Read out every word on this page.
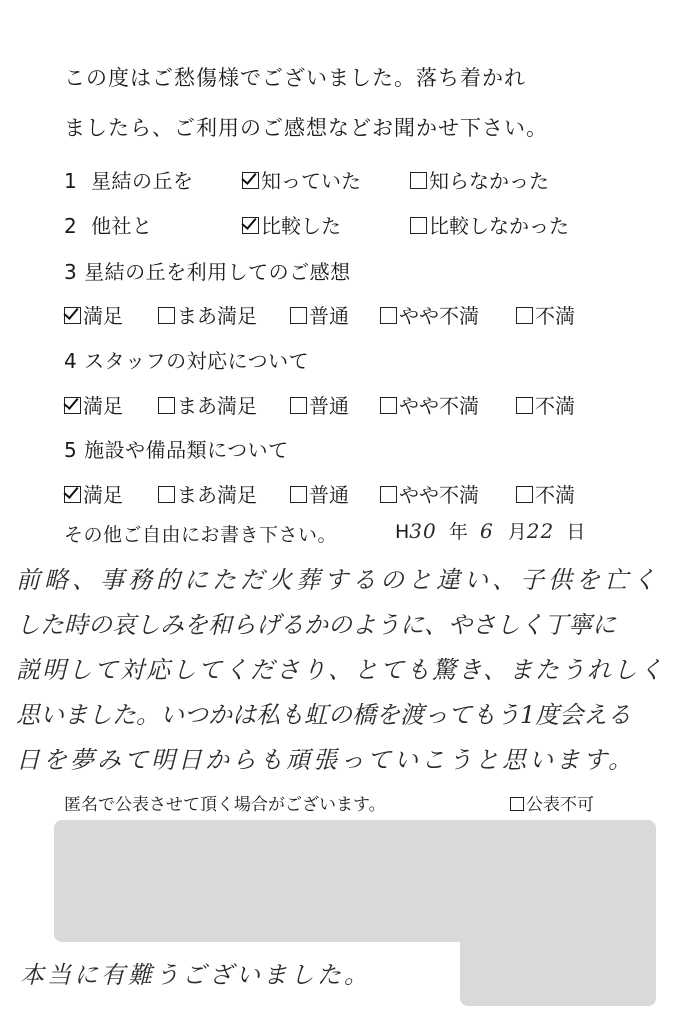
この度はご愁傷様でございました。落ち着かれ
ましたら、ご利用のご感想などお聞かせ下さい。
1 星結の丘を	知っていた	知らなかった
2 他社と	比較した	比較しなかった
3 星結の丘を利用してのご感想
満足	まあ満足	普通	やや不満	不満
4 スタッフの対応について
満足	まあ満足	普通	やや不満	不満
5 施設や備品類について
満足	まあ満足	普通	やや不満	不満
その他ご自由にお書き下さい。	H30 年 6 月22 日
前略、事務的にただ火葬するのと違い、子供を亡く
した時の哀しみを和らげるかのように、やさしく丁寧に
説明して対応してくださり、とても驚き、またうれしく
思いました。いつかは私も虹の橋を渡ってもう1度会える
日を夢みて明日からも頑張っていこうと思います。
匿名で公表させて頂く場合がございます。	公表不可
本当に有難うございました。
